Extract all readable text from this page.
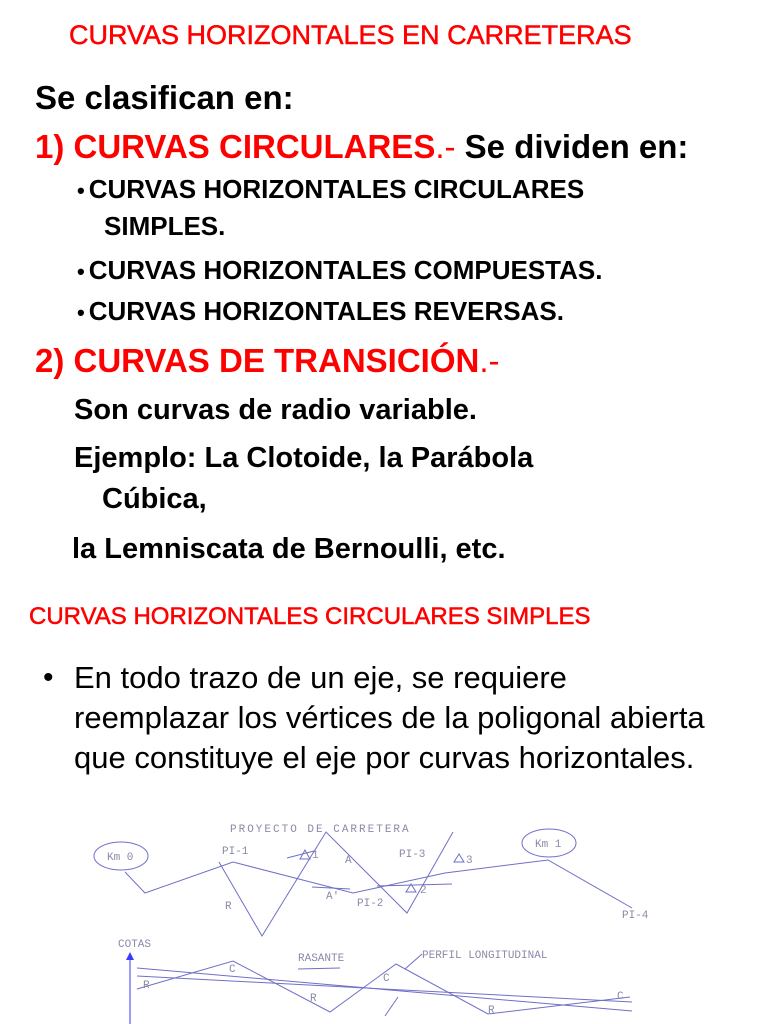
CURVAS HORIZONTALES EN CARRETERAS
Se clasifican en:
1) CURVAS CIRCULARES.- Se dividen en:
• CURVAS HORIZONTALES CIRCULARES
SIMPLES.
• CURVAS HORIZONTALES COMPUESTAS.
• CURVAS HORIZONTALES REVERSAS.
2) CURVAS DE TRANSICIÓN.-
Son curvas de radio variable.
Ejemplo: La Clotoide, la Parábola
Cúbica,
la Lemniscata de Bernoulli, etc.
CURVAS HORIZONTALES CIRCULARES SIMPLES
• En todo trazo de un eje, se requiere reemplazar los vértices de la poligonal abierta que constituye el eje por curvas horizontales.

PROYECTO DE CARRETERA
Km 0
Km 1
PI-1
PI-2
PI-3
PI-4
1
2
3
A
A'
R
COTAS
RASANTE	PERFIL LONGITUDINAL
C
C
C
R
R
R
